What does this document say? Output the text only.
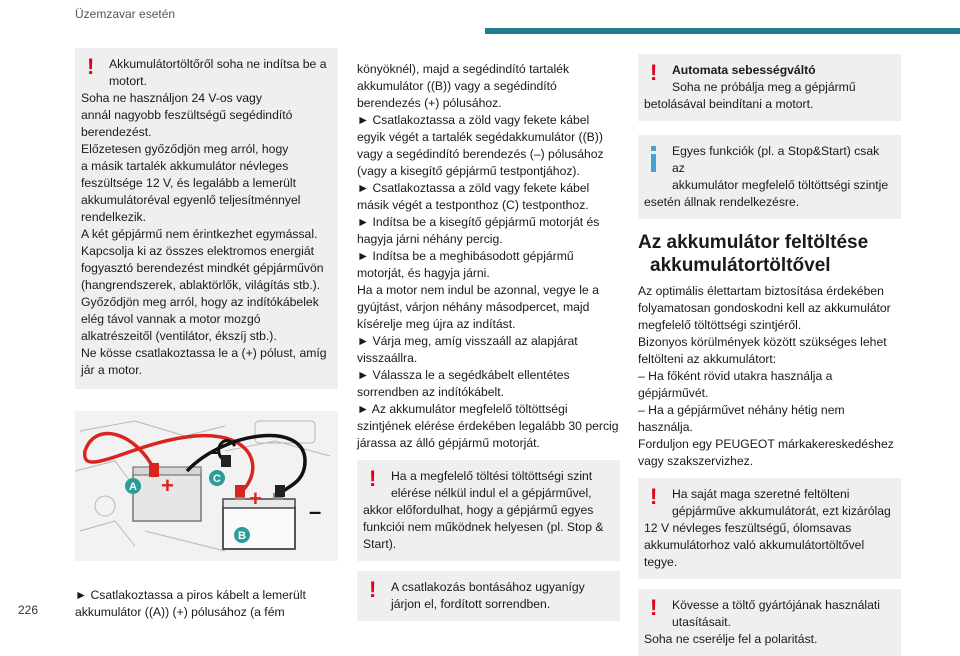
Üzemzavar esetén
226
!	Akkumulátortöltőről soha ne indítsa be a
motort.
Soha ne használjon 24 V-os vagy
annál nagyobb feszültségű segédindító
berendezést.
Előzetesen győződjön meg arról, hogy
a másik tartalék akkumulátor névleges
feszültsége 12 V, és legalább a lemerült
akkumulátoréval egyenlő teljesítménnyel
rendelkezik.
A két gépjármű nem érintkezhet egymással.
Kapcsolja ki az összes elektromos energiát
fogyasztó berendezést mindkét gépjárművön
(hangrendszerek, ablaktörlők, világítás stb.).
Győződjön meg arról, hogy az indítókábelek
elég távol vannak a motor mozgó
alkatrészeitől (ventilátor, ékszíj stb.).
Ne kösse csatlakoztassa le a (+) pólust, amíg
jár a motor.
+
+
–
–
A
C
B
► Csatlakoztassa a piros kábelt a lemerült
akkumulátor ((A)) (+) pólusához (a fém
könyöknél), majd a segédindító tartalék
akkumulátor ((B)) vagy a segédindító
berendezés (+) pólusához.
► Csatlakoztassa a zöld vagy fekete kábel
egyik végét a tartalék segédakkumulátor ((B))
vagy a segédindító berendezés (–) pólusához
(vagy a kisegítő gépjármű testpontjához).
► Csatlakoztassa a zöld vagy fekete kábel
másik végét a testponthoz (C) testponthoz.
► Indítsa be a kisegítő gépjármű motorját és
hagyja járni néhány percig.
► Indítsa be a meghibásodott gépjármű
motorját, és hagyja járni.
Ha a motor nem indul be azonnal, vegye le a
gyújtást, várjon néhány másodpercet, majd
kísérelje meg újra az indítást.
► Várja meg, amíg visszaáll az alapjárat
visszaállra.
► Válassza le a segédkábelt ellentétes
sorrendben az indítókábelt.
► Az akkumulátor megfelelő töltöttségi
szintjének elérése érdekében legalább 30 percig
járassa az álló gépjármű motorját.
!	Ha a megfelelő töltési töltöttségi szint
elérése nélkül indul el a gépjárművel,
akkor előfordulhat, hogy a gépjármű egyes
funkciói nem működnek helyesen (pl. Stop &
Start).
!	A csatlakozás bontásához ugyanígy
járjon el, fordított sorrendben.
!	Automata sebességváltó
Soha ne próbálja meg a gépjármű
betolásával beindítani a motort.
Egyes funkciók (pl. a Stop&Start) csak az
akkumulátor megfelelő töltöttségi szintje
esetén állnak rendelkezésre.
Az akkumulátor feltöltése
akkumulátortöltővel
Az optimális élettartam biztosítása érdekében
folyamatosan gondoskodni kell az akkumulátor
megfelelő töltöttségi szintjéről.
Bizonyos körülmények között szükséges lehet
feltölteni az akkumulátort:
– Ha főként rövid utakra használja a
gépjárművét.
– Ha a gépjárművet néhány hétig nem
használja.
Forduljon egy PEUGEOT márkakereskedéshez
vagy szakszervizhez.
!	Ha saját maga szeretné feltölteni
gépjárműve akkumulátorát, ezt kizárólag
12 V névleges feszültségű, ólomsavas
akkumulátorhoz való akkumulátortöltővel
tegye.
!	Kövesse a töltő gyártójának használati
utasításait.
Soha ne cserélje fel a polaritást.
